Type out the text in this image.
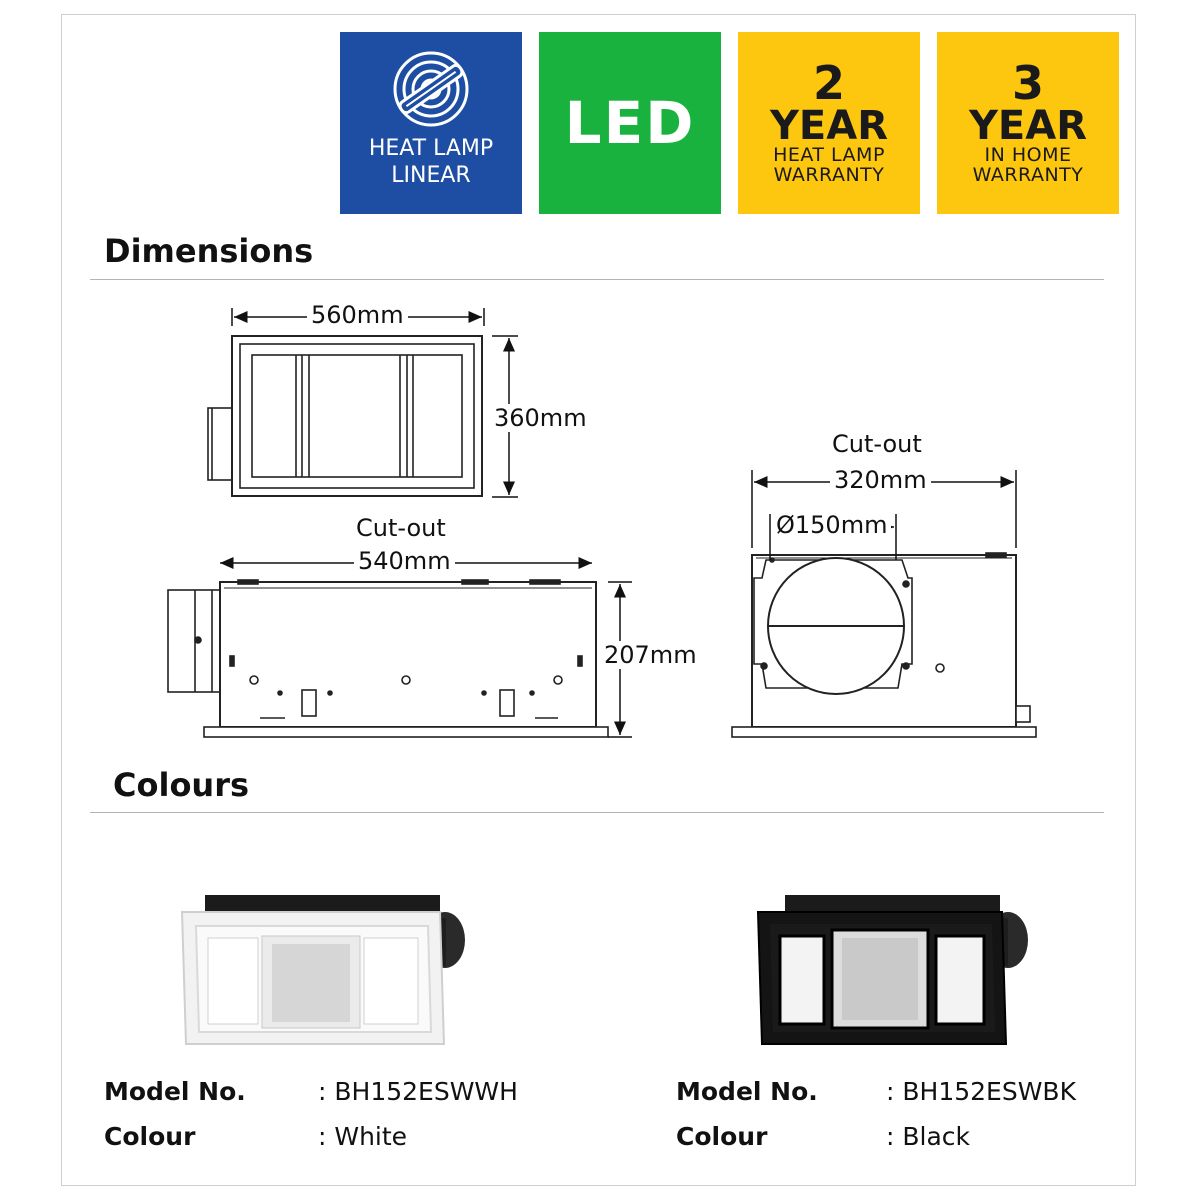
HEAT LAMP
LINEAR
LED
2
YEAR
HEAT LAMP
WARRANTY
3
YEAR
IN HOME
WARRANTY
Dimensions
560mm
360mm
Cut-out
540mm
207mm
Cut-out
320mm
Ø150mm
Colours
Model No.	: BH152ESWWH
Colour	: White
Model No.	: BH152ESWBK
Colour	: Black
